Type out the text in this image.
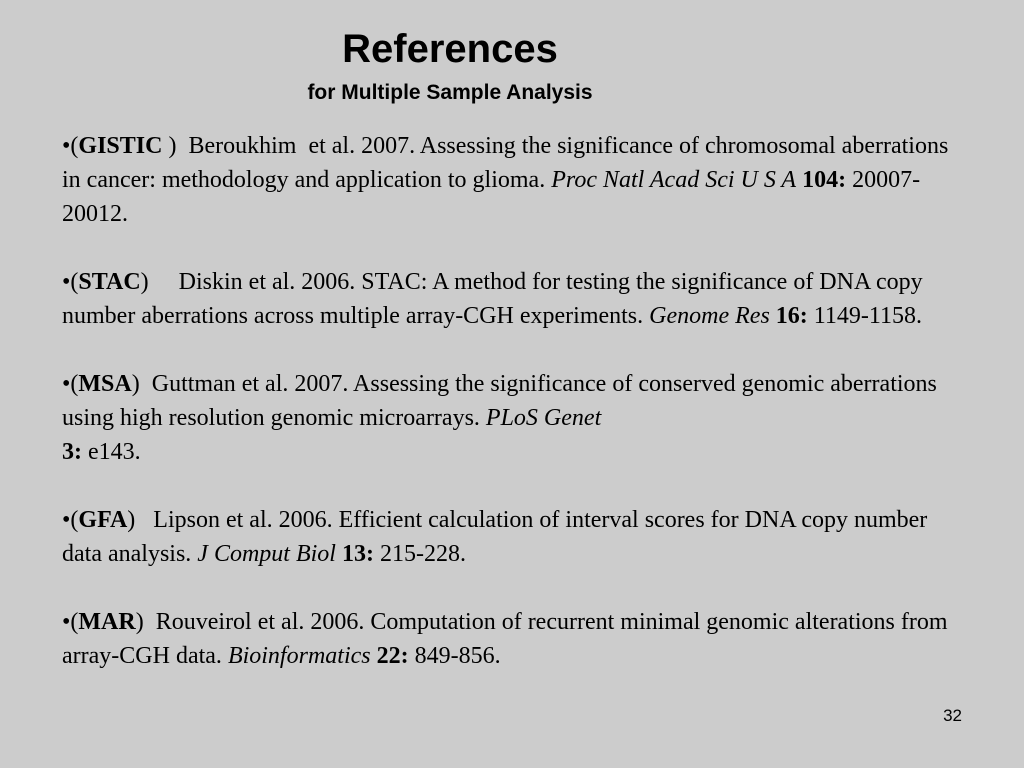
References
for Multiple Sample Analysis

•(GISTIC )  Beroukhim  et al. 2007. Assessing the significance of chromosomal aberrations in cancer: methodology and application to glioma. Proc Natl Acad Sci U S A 104: 20007-20012.

•(STAC)     Diskin et al. 2006. STAC: A method for testing the significance of DNA copy number aberrations across multiple array-CGH experiments. Genome Res 16: 1149-1158.

•(MSA)  Guttman et al. 2007. Assessing the significance of conserved genomic aberrations using high resolution genomic microarrays. PLoS Genet
3: e143.

•(GFA)   Lipson et al. 2006. Efficient calculation of interval scores for DNA copy number data analysis. J Comput Biol 13: 215-228.

•(MAR)  Rouveirol et al. 2006. Computation of recurrent minimal genomic alterations from array-CGH data. Bioinformatics 22: 849-856.

32
